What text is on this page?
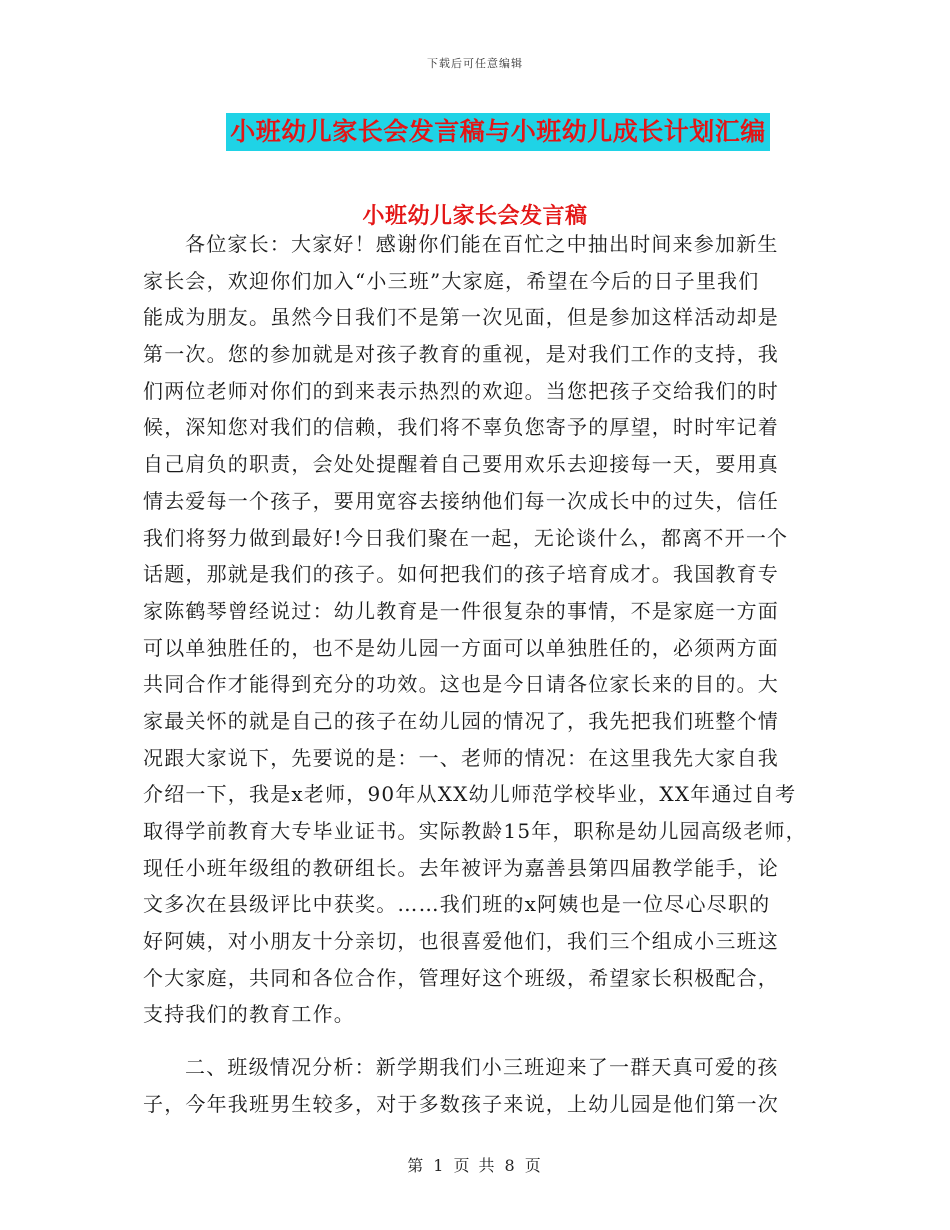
下载后可任意编辑
小班幼儿家长会发言稿与小班幼儿成长计划汇编
小班幼儿家长会发言稿
各位家长：大家好！感谢你们能在百忙之中抽出时间来参加新生
家长会，欢迎你们加入“小三班”大家庭，希望在今后的日子里我们
能成为朋友。虽然今日我们不是第一次见面，但是参加这样活动却是
第一次。您的参加就是对孩子教育的重视，是对我们工作的支持，我
们两位老师对你们的到来表示热烈的欢迎。当您把孩子交给我们的时
候，深知您对我们的信赖，我们将不辜负您寄予的厚望，时时牢记着
自己肩负的职责，会处处提醒着自己要用欢乐去迎接每一天，要用真
情去爱每一个孩子，要用宽容去接纳他们每一次成长中的过失，信任
我们将努力做到最好!今日我们聚在一起，无论谈什么，都离不开一个
话题，那就是我们的孩子。如何把我们的孩子培育成才。我国教育专
家陈鹤琴曾经说过：幼儿教育是一件很复杂的事情，不是家庭一方面
可以单独胜任的，也不是幼儿园一方面可以单独胜任的，必须两方面
共同合作才能得到充分的功效。这也是今日请各位家长来的目的。大
家最关怀的就是自己的孩子在幼儿园的情况了，我先把我们班整个情
况跟大家说下，先要说的是：一、老师的情况：在这里我先大家自我
介绍一下，我是x老师，90年从XX幼儿师范学校毕业，XX年通过自考
取得学前教育大专毕业证书。实际教龄15年，职称是幼儿园高级老师，
现任小班年级组的教研组长。去年被评为嘉善县第四届教学能手，论
文多次在县级评比中获奖。……我们班的x阿姨也是一位尽心尽职的
好阿姨，对小朋友十分亲切，也很喜爱他们，我们三个组成小三班这
个大家庭，共同和各位合作，管理好这个班级，希望家长积极配合，
支持我们的教育工作。
二、班级情况分析：新学期我们小三班迎来了一群天真可爱的孩
子，今年我班男生较多，对于多数孩子来说，上幼儿园是他们第一次
第 1 页 共 8 页
